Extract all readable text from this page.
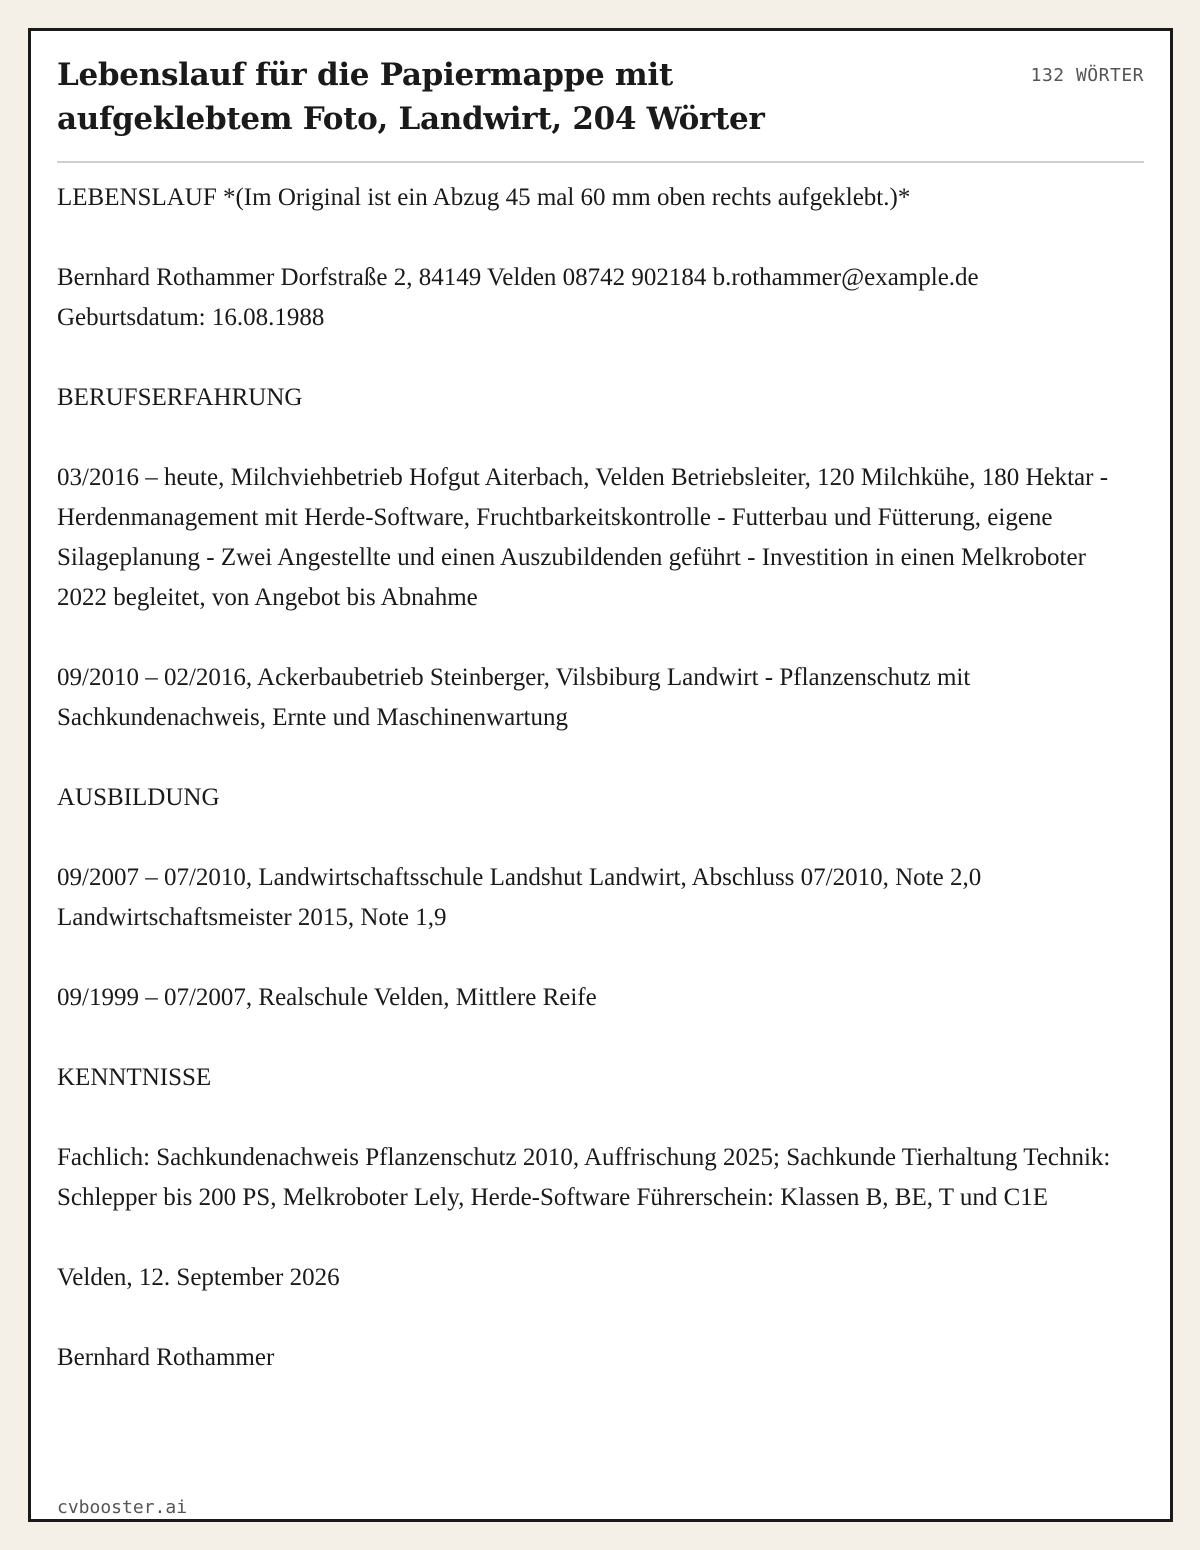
Lebenslauf für die Papiermappe mit aufgeklebtem Foto, Landwirt, 204 Wörter
132 WÖRTER

LEBENSLAUF *(Im Original ist ein Abzug 45 mal 60 mm oben rechts aufgeklebt.)*

Bernhard Rothammer Dorfstraße 2, 84149 Velden 08742 902184 b.rothammer@example.de Geburtsdatum: 16.08.1988

BERUFSERFAHRUNG

03/2016 – heute, Milchviehbetrieb Hofgut Aiterbach, Velden Betriebsleiter, 120 Milchkühe, 180 Hektar - Herdenmanagement mit Herde-Software, Fruchtbarkeitskontrolle - Futterbau und Fütterung, eigene Silageplanung - Zwei Angestellte und einen Auszubildenden geführt - Investition in einen Melkroboter 2022 begleitet, von Angebot bis Abnahme

09/2010 – 02/2016, Ackerbaubetrieb Steinberger, Vilsbiburg Landwirt - Pflanzenschutz mit Sachkundenachweis, Ernte und Maschinenwartung

AUSBILDUNG

09/2007 – 07/2010, Landwirtschaftsschule Landshut Landwirt, Abschluss 07/2010, Note 2,0 Landwirtschaftsmeister 2015, Note 1,9

09/1999 – 07/2007, Realschule Velden, Mittlere Reife

KENNTNISSE

Fachlich: Sachkundenachweis Pflanzenschutz 2010, Auffrischung 2025; Sachkunde Tierhaltung Technik: Schlepper bis 200 PS, Melkroboter Lely, Herde-Software Führerschein: Klassen B, BE, T und C1E

Velden, 12. September 2026

Bernhard Rothammer

cvbooster.ai
